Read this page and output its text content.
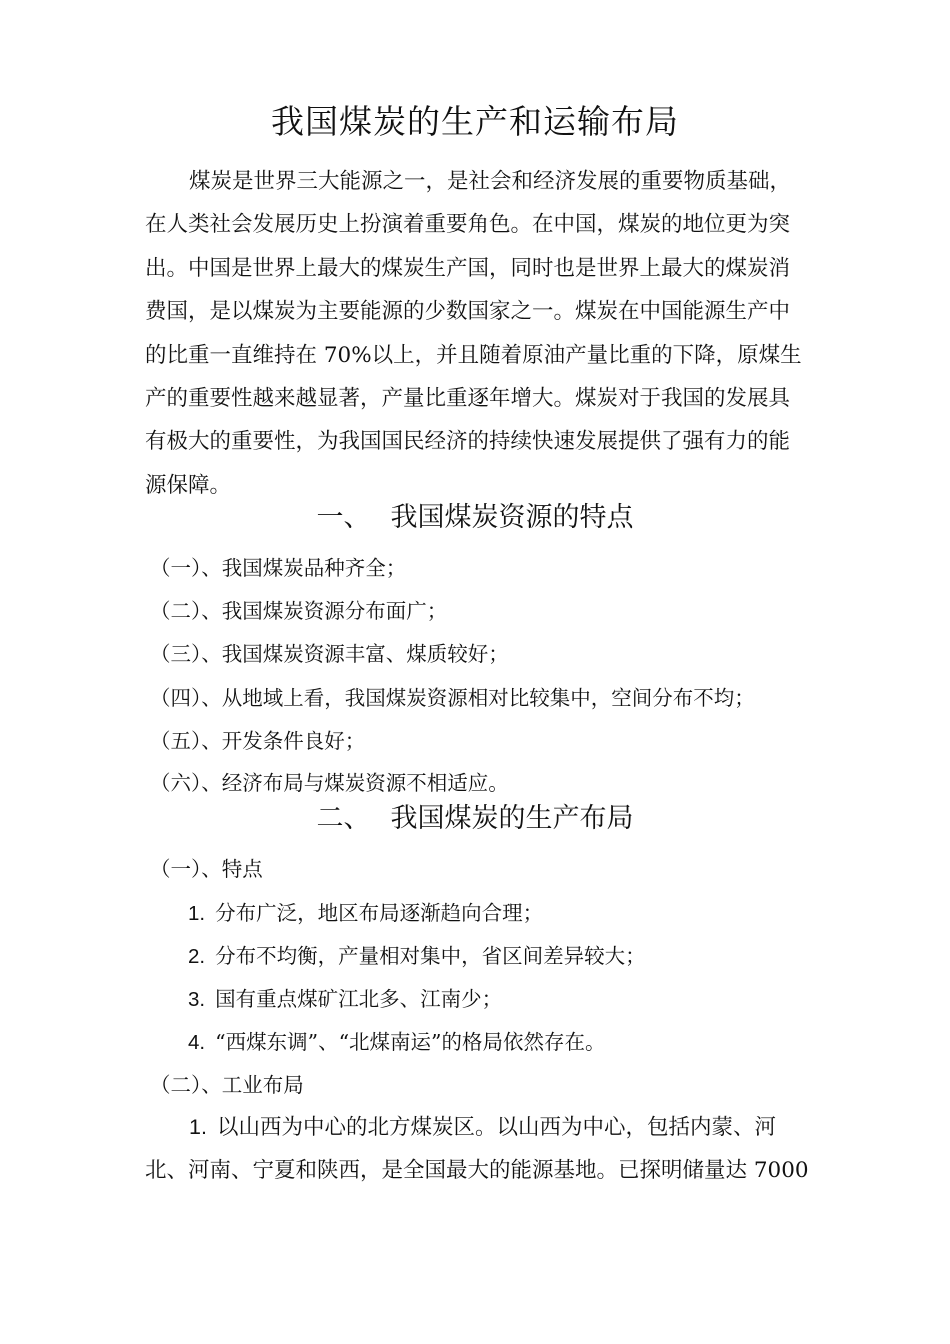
我国煤炭的生产和运输布局
煤炭是世界三大能源之一，是社会和经济发展的重要物质基础，
在人类社会发展历史上扮演着重要角色。在中国，煤炭的地位更为突
出。中国是世界上最大的煤炭生产国，同时也是世界上最大的煤炭消
费国，是以煤炭为主要能源的少数国家之一。煤炭在中国能源生产中
的比重一直维持在 70%以上，并且随着原油产量比重的下降，原煤生
产的重要性越来越显著，产量比重逐年增大。煤炭对于我国的发展具
有极大的重要性，为我国国民经济的持续快速发展提供了强有力的能
源保障。
一、 我国煤炭资源的特点
（一）、我国煤炭品种齐全；
（二）、我国煤炭资源分布面广；
（三）、我国煤炭资源丰富、煤质较好；
（四）、从地域上看，我国煤炭资源相对比较集中，空间分布不均；
（五）、开发条件良好；
（六）、经济布局与煤炭资源不相适应。
二、 我国煤炭的生产布局
（一）、特点
1. 分布广泛，地区布局逐渐趋向合理；
2. 分布不均衡，产量相对集中，省区间差异较大；
3. 国有重点煤矿江北多、江南少；
4. “西煤东调”、“北煤南运”的格局依然存在。
（二）、工业布局
1. 以山西为中心的北方煤炭区。以山西为中心，包括内蒙、河
北、河南、宁夏和陕西，是全国最大的能源基地。已探明储量达 7000
